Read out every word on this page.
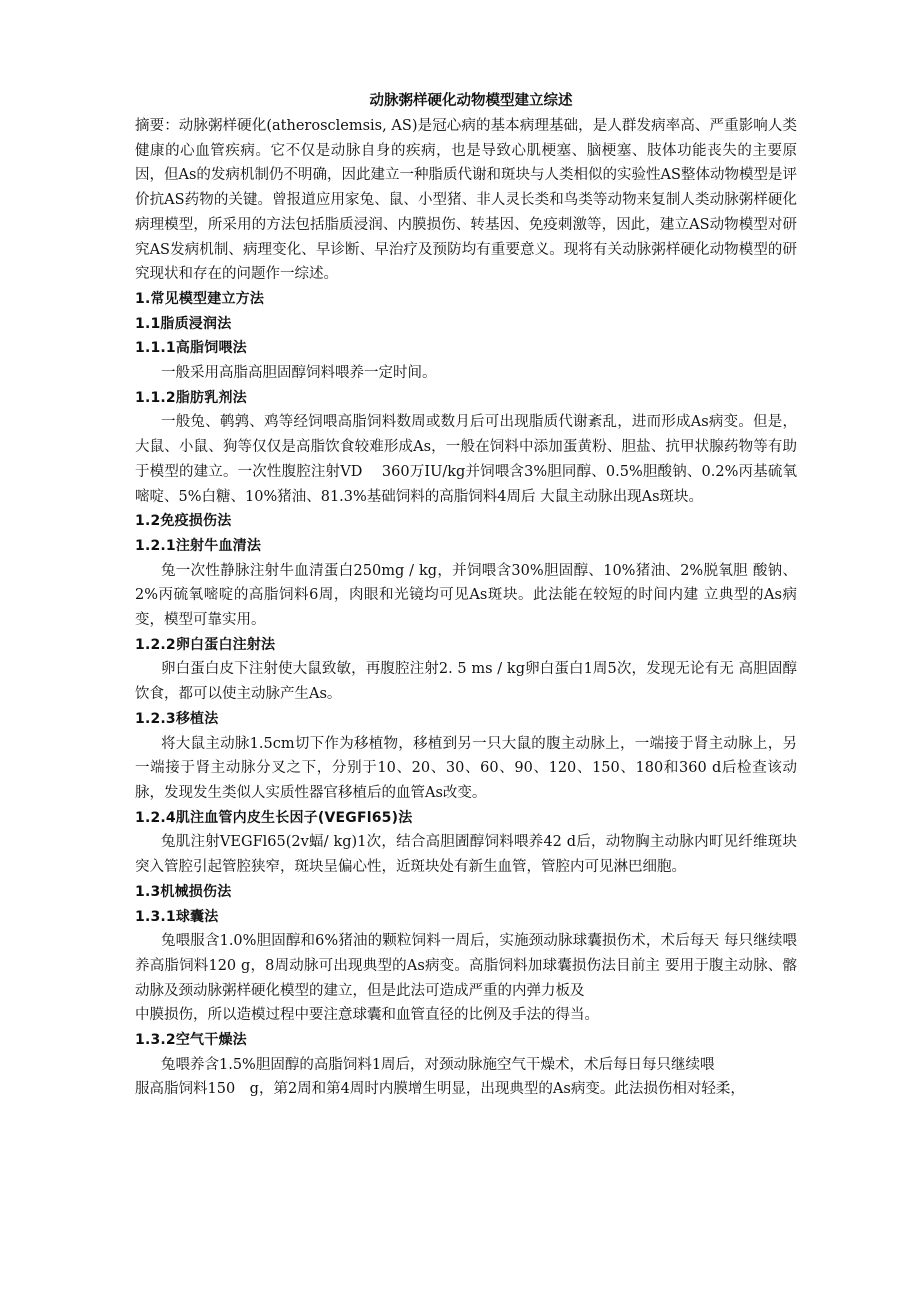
动脉粥样硬化动物模型建立综述

摘要：动脉粥样硬化(atherosclemsis, AS)是冠心病的基本病理基础，是人群发病率高、严重影响人类健康的心血管疾病。它不仅是动脉自身的疾病，也是导致心肌梗塞、脑梗塞、肢体功能丧失的主要原因，但As的发病机制仍不明确，因此建立一种脂质代谢和斑块与人类相似的实验性AS整体动物模型是评价抗AS药物的关键。曾报道应用家兔、鼠、小型猪、非人灵长类和鸟类等动物来复制人类动脉粥样硬化病理模型，所采用的方法包括脂质浸润、内膜损伤、转基因、免疫刺激等，因此，建立AS动物模型对研究AS发病机制、病理变化、早诊断、早治疗及预防均有重要意义。现将有关动脉粥样硬化动物模型的研究现状和存在的问题作一综述。

1.常见模型建立方法

1.1脂质浸润法

1.1.1高脂饲喂法

一般采用高脂高胆固醇饲料喂养一定时间。

1.1.2脂肪乳剂法

一般兔、鹌鹑、鸡等经饲喂高脂饲料数周或数月后可出现脂质代谢紊乱，进而形成As病变。但是，大鼠、小鼠、狗等仅仅是高脂饮食较难形成As，一般在饲料中添加蛋黄粉、胆盐、抗甲状腺药物等有助于模型的建立。一次性腹腔注射VD　 360万IU/kg并饲喂含3%胆同醇、0.5%胆酸钠、0.2%丙基硫氧嘧啶、5%白糖、10%猪油、81.3%基础饲料的高脂饲料4周后 大鼠主动脉出现As斑块。

1.2免疫损伤法

1.2.1注射牛血清法

兔一次性静脉注射牛血清蛋白250mg / kg，并饲喂含30%胆固醇、10%猪油、2%脱氧胆 酸钠、2%丙硫氧嘧啶的高脂饲料6周，肉眼和光镜均可见As斑块。此法能在较短的时间内建 立典型的As病变，模型可靠实用。

1.2.2卵白蛋白注射法

卵白蛋白皮下注射使大鼠致敏，再腹腔注射2. 5 ms / kg卵白蛋白1周5次，发现无论有无 高胆固醇饮食，都可以使主动脉产生As。

1.2.3移植法

将大鼠主动脉1.5cm切下作为移植物，移植到另一只大鼠的腹主动脉上，一端接于肾主动脉上，另一端接于肾主动脉分叉之下，分别于10、20、30、60、90、120、150、180和360 d后检查该动脉，发现发生类似人实质性器官移植后的血管As改变。

1.2.4肌注血管内皮生长因子(VEGFl65)法

兔肌注射VEGFl65(2v蝠/ kg)1次，结合高胆圊醇饲料喂养42 d后，动物胸主动脉内町见纤维斑块突入管腔引起管腔狭窄，斑块呈偏心性，近斑块处有新生血管，管腔内可见淋巴细胞。

1.3机械损伤法

1.3.1球囊法

兔喂服含1.0%胆固醇和6%猪油的颗粒饲料一周后，实施颈动脉球囊损伤术，术后每天 每只继续喂养高脂饲料120 g，8周动脉可出现典型的As病变。高脂饲料加球囊损伤法目前主 要用于腹主动脉、髂动脉及颈动脉粥样硬化模型的建立，但是此法可造成严重的内弹力板及

中膜损伤，所以造模过程中要注意球囊和血管直径的比例及手法的得当。

1.3.2空气干燥法

兔喂养含1.5%胆固醇的高脂饲料1周后，对颈动脉施空气干燥术，术后每日每只继续喂

服高脂饲料150　g，第2周和第4周时内膜增生明显，出现典型的As病变。此法损伤相对轻柔，
